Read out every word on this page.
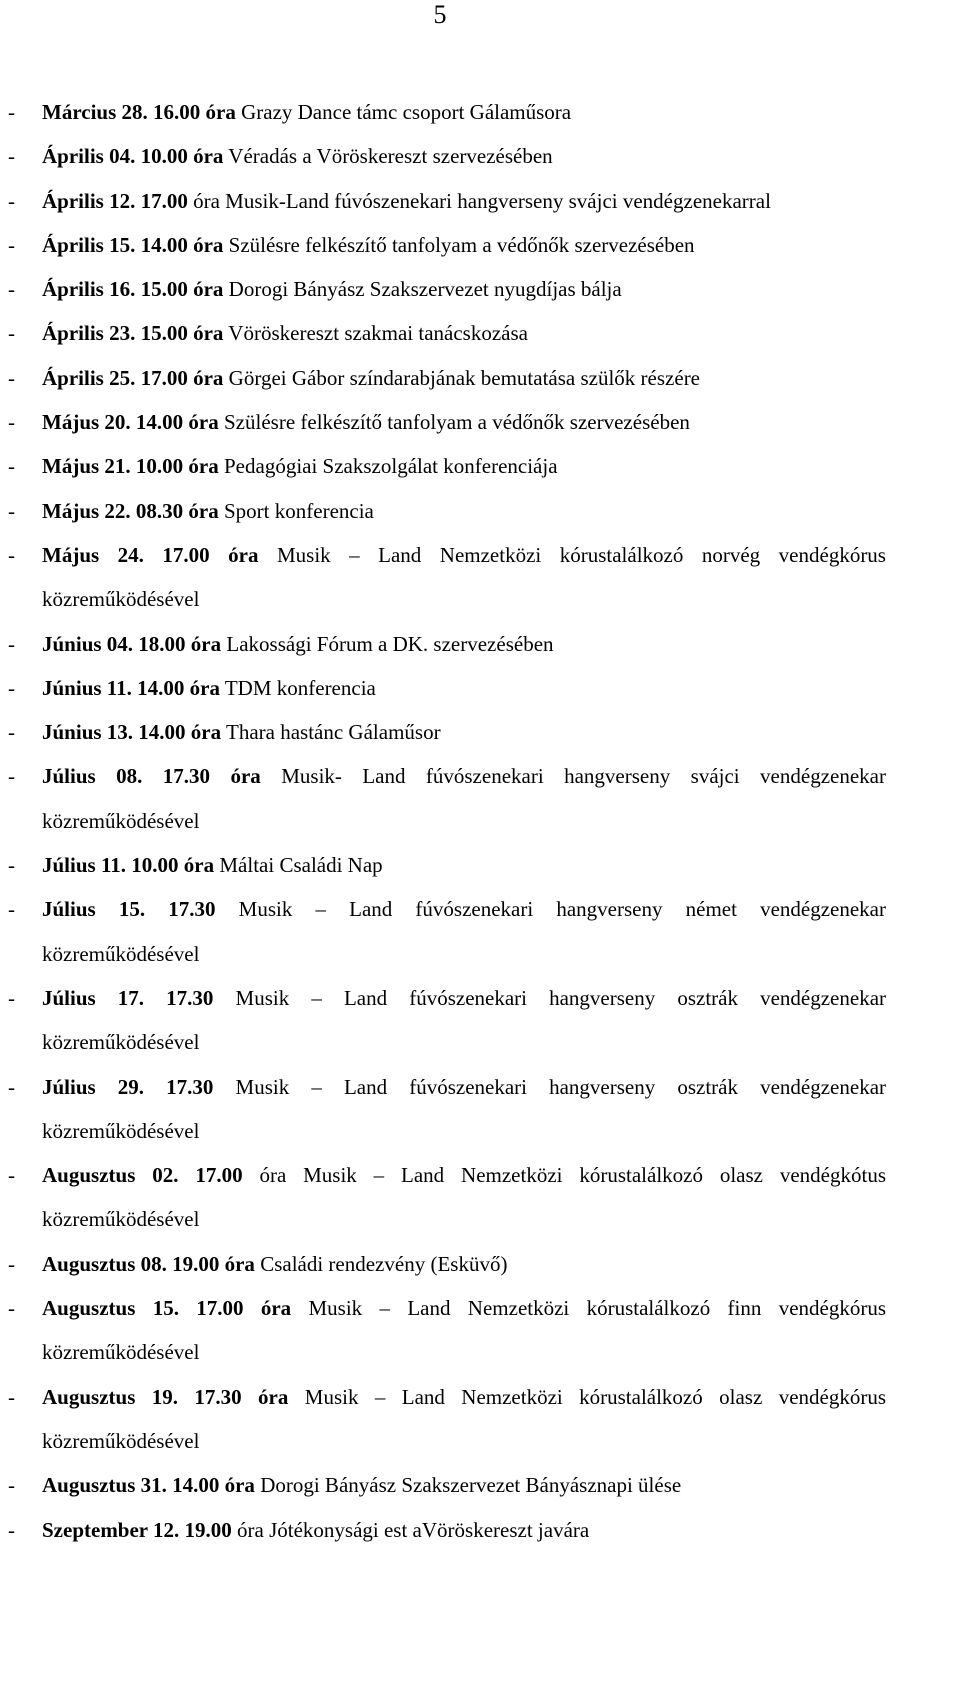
5
- Március 28. 16.00 óra Grazy Dance támc csoport Gálaműsora
- Április 04. 10.00 óra Véradás a Vöröskereszt szervezésében
- Április 12. 17.00 óra Musik-Land fúvószenekari hangverseny svájci vendégzenekarral
- Április 15. 14.00 óra Szülésre felkészítő tanfolyam a védőnők szervezésében
- Április 16. 15.00 óra Dorogi Bányász Szakszervezet nyugdíjas bálja
- Április 23. 15.00 óra Vöröskereszt szakmai tanácskozása
- Április 25. 17.00 óra Görgei Gábor színdarabjának bemutatása szülők részére
- Május 20. 14.00 óra Szülésre felkészítő tanfolyam a védőnők szervezésében
- Május 21. 10.00 óra Pedagógiai Szakszolgálat konferenciája
- Május 22. 08.30 óra Sport konferencia
- Május 24. 17.00 óra Musik – Land Nemzetközi kórustalálkozó norvég vendégkórus közreműködésével
- Június 04. 18.00 óra Lakossági Fórum a DK. szervezésében
- Június 11. 14.00 óra TDM konferencia
- Június 13. 14.00 óra Thara hastánc Gálaműsor
- Július 08. 17.30 óra Musik- Land fúvószenekari hangverseny svájci vendégzenekar közreműködésével
- Július 11. 10.00 óra Máltai Családi Nap
- Július 15. 17.30 Musik – Land fúvószenekari hangverseny német vendégzenekar közreműködésével
- Július 17. 17.30 Musik – Land fúvószenekari hangverseny osztrák vendégzenekar közreműködésével
- Július 29. 17.30 Musik – Land fúvószenekari hangverseny osztrák vendégzenekar közreműködésével
- Augusztus 02. 17.00 óra Musik – Land Nemzetközi kórustalálkozó olasz vendégkótus közreműködésével
- Augusztus 08. 19.00 óra Családi rendezvény (Esküvő)
- Augusztus 15. 17.00 óra Musik – Land Nemzetközi kórustalálkozó finn vendégkórus közreműködésével
- Augusztus 19. 17.30 óra Musik – Land Nemzetközi kórustalálkozó olasz vendégkórus közreműködésével
- Augusztus 31. 14.00 óra Dorogi Bányász Szakszervezet Bányásznapi ülése
- Szeptember 12. 19.00 óra Jótékonysági est aVöröskereszt javára
